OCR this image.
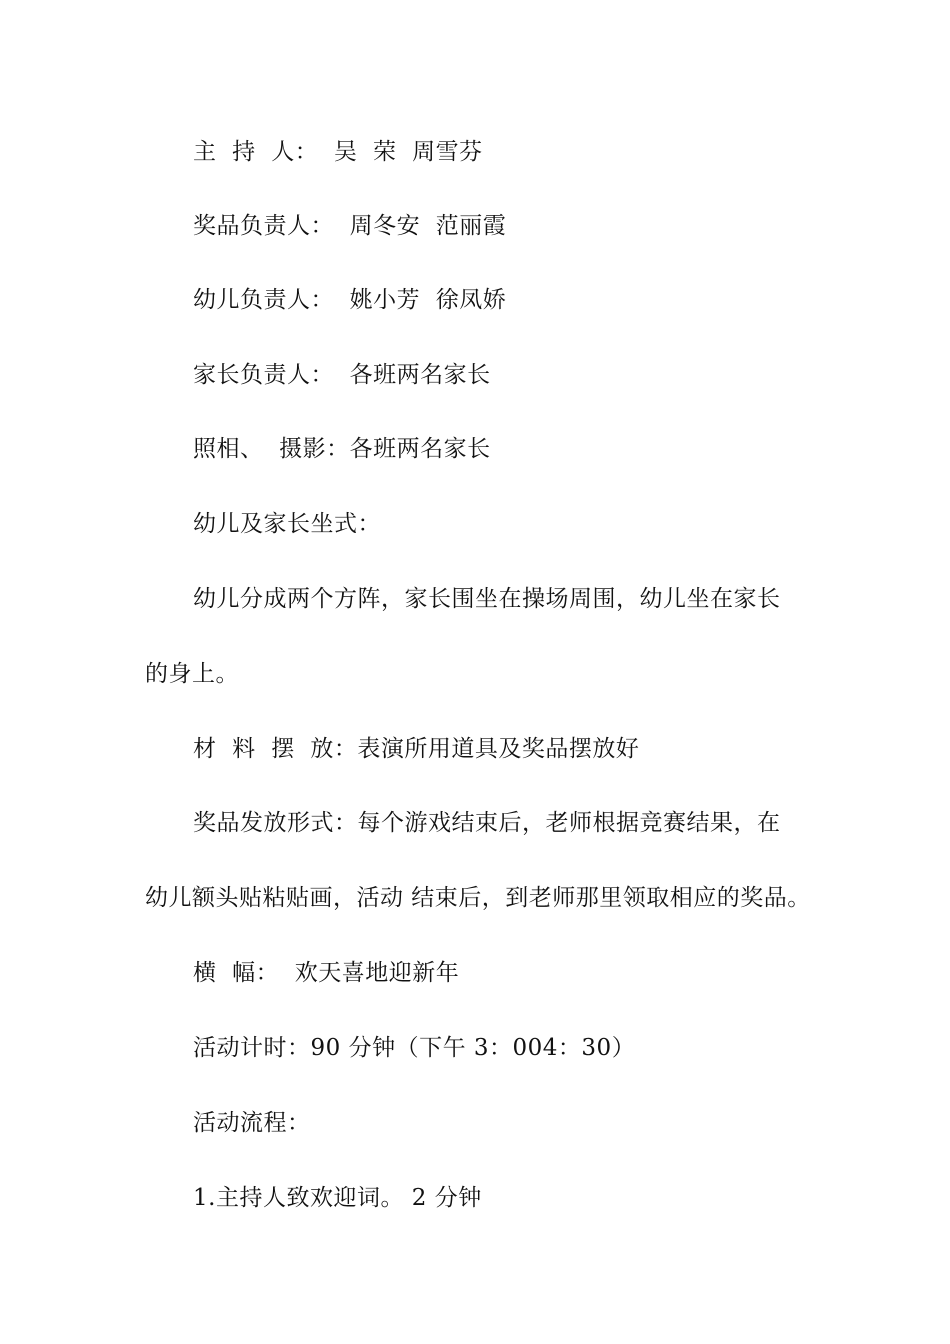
主  持  人：  吴  荣  周雪芬
奖品负责人：  周冬安  范丽霞
幼儿负责人：  姚小芳  徐凤娇
家长负责人：  各班两名家长
照相、  摄影：各班两名家长
幼儿及家长坐式：
幼儿分成两个方阵，家长围坐在操场周围，幼儿坐在家长
的身上。
材  料  摆  放：表演所用道具及奖品摆放好
奖品发放形式：每个游戏结束后，老师根据竞赛结果，在
幼儿额头贴粘贴画，活动 结束后，到老师那里领取相应的奖品。
横  幅：  欢天喜地迎新年
活动计时：90 分钟（下午 3：004：30）
活动流程：
1.主持人致欢迎词。 2 分钟
